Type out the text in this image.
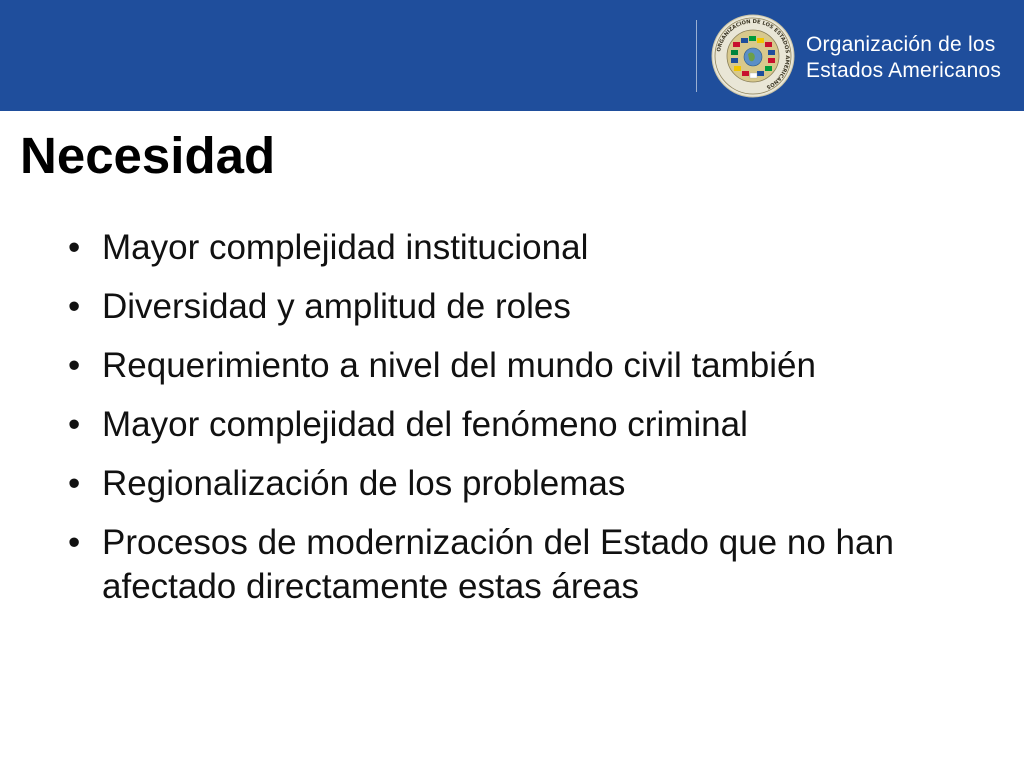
ORGANIZACION DE LOS ESTADOS AMERICANOS
Organización de los
Estados Americanos
Necesidad
• Mayor complejidad institucional
• Diversidad y amplitud de roles
• Requerimiento a nivel del mundo civil también
• Mayor complejidad del fenómeno criminal
• Regionalización de los problemas
• Procesos de modernización del Estado que no han afectado directamente estas áreas
